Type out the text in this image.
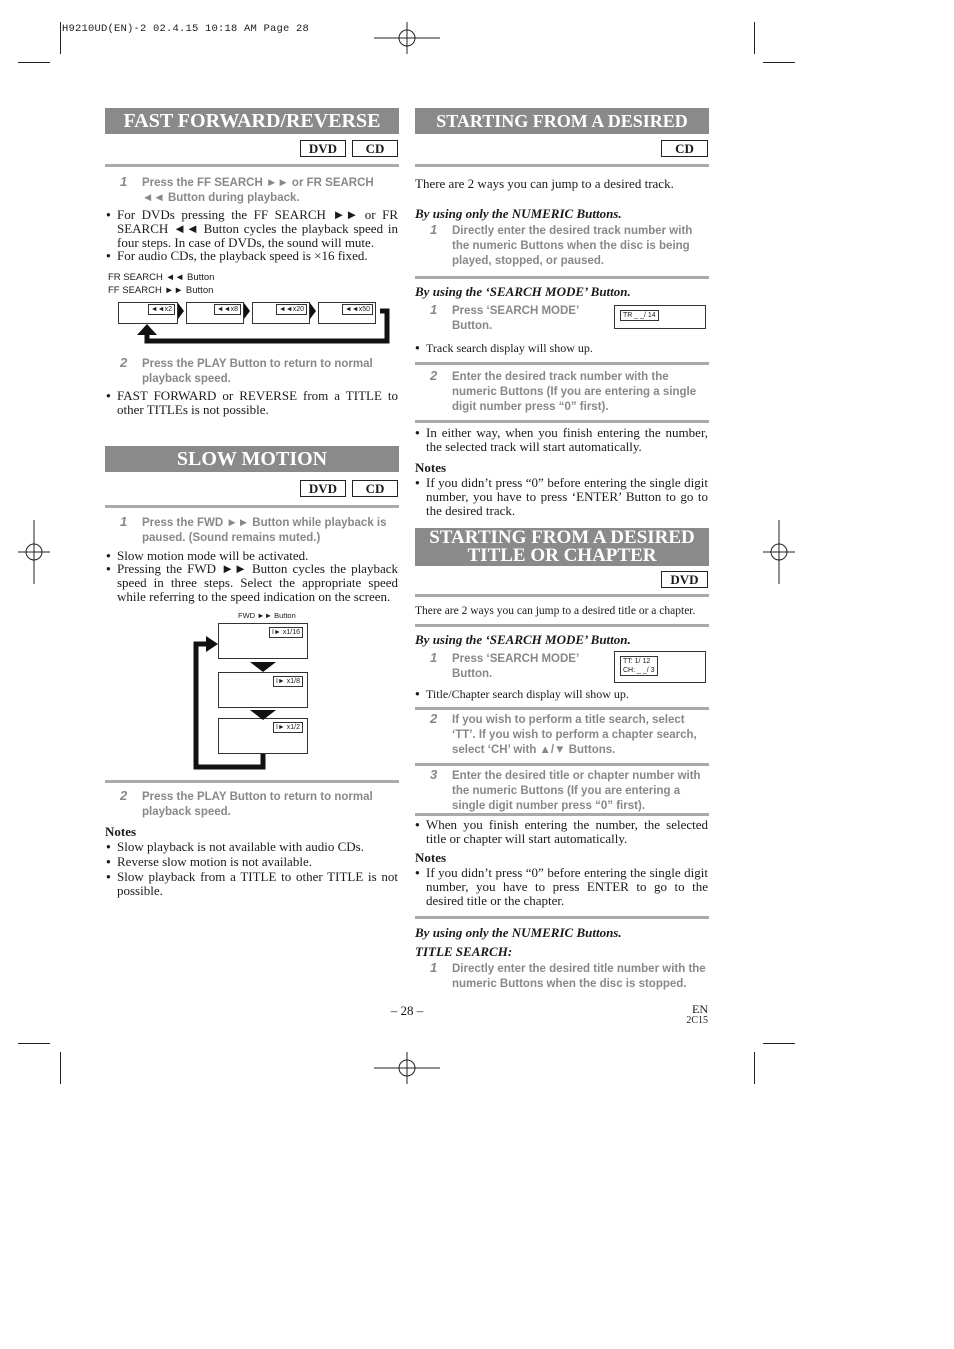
H9210UD(EN)-2 02.4.15 10:18 AM Page 28
FAST FORWARD/REVERSE
DVD	CD
1 Press the FF SEARCH ►► or FR SEARCH ◄◄ Button during playback.
● For DVDs pressing the FF SEARCH ►► or FR SEARCH ◄◄ Button cycles the playback speed in four steps. In case of DVDs, the sound will mute.
● For audio CDs, the playback speed is ×16 fixed.
FR SEARCH ◄◄ Button
FF SEARCH ►► Button
◄◄x2	◄◄x8	◄◄x20	◄◄x50
2 Press the PLAY Button to return to normal playback speed.
● FAST FORWARD or REVERSE from a TITLE to other TITLEs is not possible.
SLOW MOTION
DVD	CD
1 Press the FWD ►► Button while playback is paused. (Sound remains muted.)
● Slow motion mode will be activated.
● Pressing the FWD ►► Button cycles the playback speed in three steps. Select the appropriate speed while referring to the speed indication on the screen.
FWD ►► Button
I► x1/16
I► x1/8
I► x1/2
2 Press the PLAY Button to return to normal playback speed.
Notes
● Slow playback is not available with audio CDs.
● Reverse slow motion is not available.
● Slow playback from a TITLE to other TITLE is not possible.
STARTING FROM A DESIRED TRACK	CD
There are 2 ways you can jump to a desired track.
By using only the NUMERIC Buttons.
1 Directly enter the desired track number with the numeric Buttons when the disc is being played, stopped, or paused.
By using the ‘SEARCH MODE’ Button.
1 Press ‘SEARCH MODE’ Button.
TR _ _/ 14
● Track search display will show up.
2 Enter the desired track number with the numeric Buttons (If you are entering a single digit number press “0” first).
● In either way, when you finish entering the number, the selected track will start automatically.
Notes
● If you didn’t press “0” before entering the single digit number, you have to press ‘ENTER’ Button to go to the desired track.
STARTING FROM A DESIRED
TITLE OR CHAPTER
DVD
There are 2 ways you can jump to a desired title or a chapter.
By using the ‘SEARCH MODE’ Button.
1 Press ‘SEARCH MODE’ Button.
TT: 1/ 12
CH: _ _/ 3
● Title/Chapter search display will show up.
2 If you wish to perform a title search, select ‘TT’. If you wish to perform a chapter search, select ‘CH’ with ▲/▼ Buttons.
3 Enter the desired title or chapter number with the numeric Buttons (If you are entering a single digit number press “0” first).
● When you finish entering the number, the selected title or chapter will start automatically.
Notes
● If you didn’t press “0” before entering the single digit number, you have to press ENTER to go to the desired title or the chapter.
By using only the NUMERIC Buttons.
TITLE SEARCH:
1 Directly enter the desired title number with the numeric Buttons when the disc is stopped.
– 28 –	EN
2C15
